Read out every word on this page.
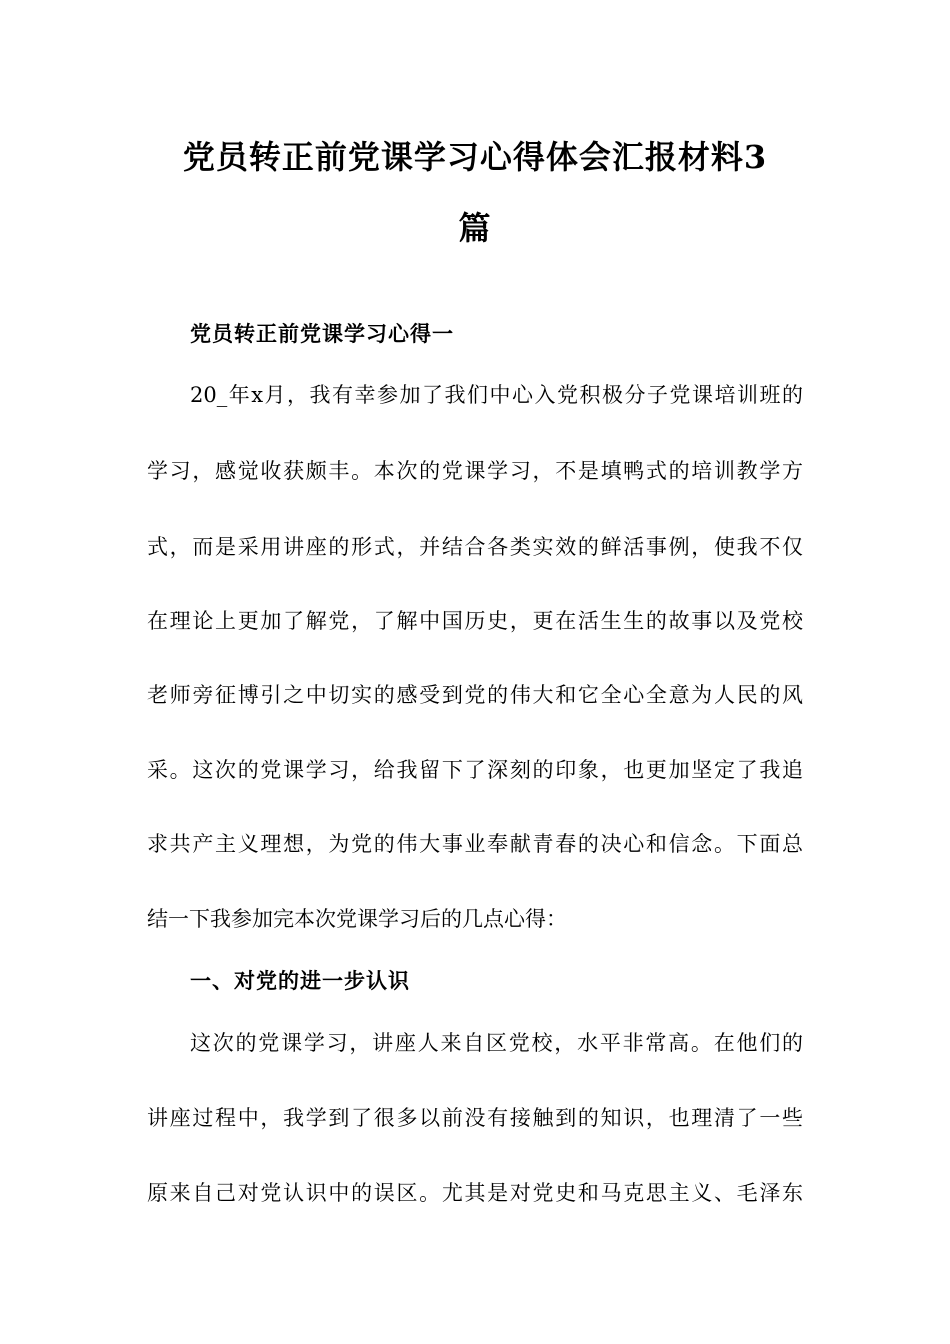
党员转正前党课学习心得体会汇报材料3
篇
党员转正前党课学习心得一
20_年x月，我有幸参加了我们中心入党积极分子党课培训班的
学习，感觉收获颇丰。本次的党课学习，不是填鸭式的培训教学方
式，而是采用讲座的形式，并结合各类实效的鲜活事例，使我不仅
在理论上更加了解党，了解中国历史，更在活生生的故事以及党校
老师旁征博引之中切实的感受到党的伟大和它全心全意为人民的风
采。这次的党课学习，给我留下了深刻的印象，也更加坚定了我追
求共产主义理想，为党的伟大事业奉献青春的决心和信念。下面总
结一下我参加完本次党课学习后的几点心得：
一、对党的进一步认识
这次的党课学习，讲座人来自区党校，水平非常高。在他们的
讲座过程中，我学到了很多以前没有接触到的知识，也理清了一些
原来自己对党认识中的误区。尤其是对党史和马克思主义、毛泽东
